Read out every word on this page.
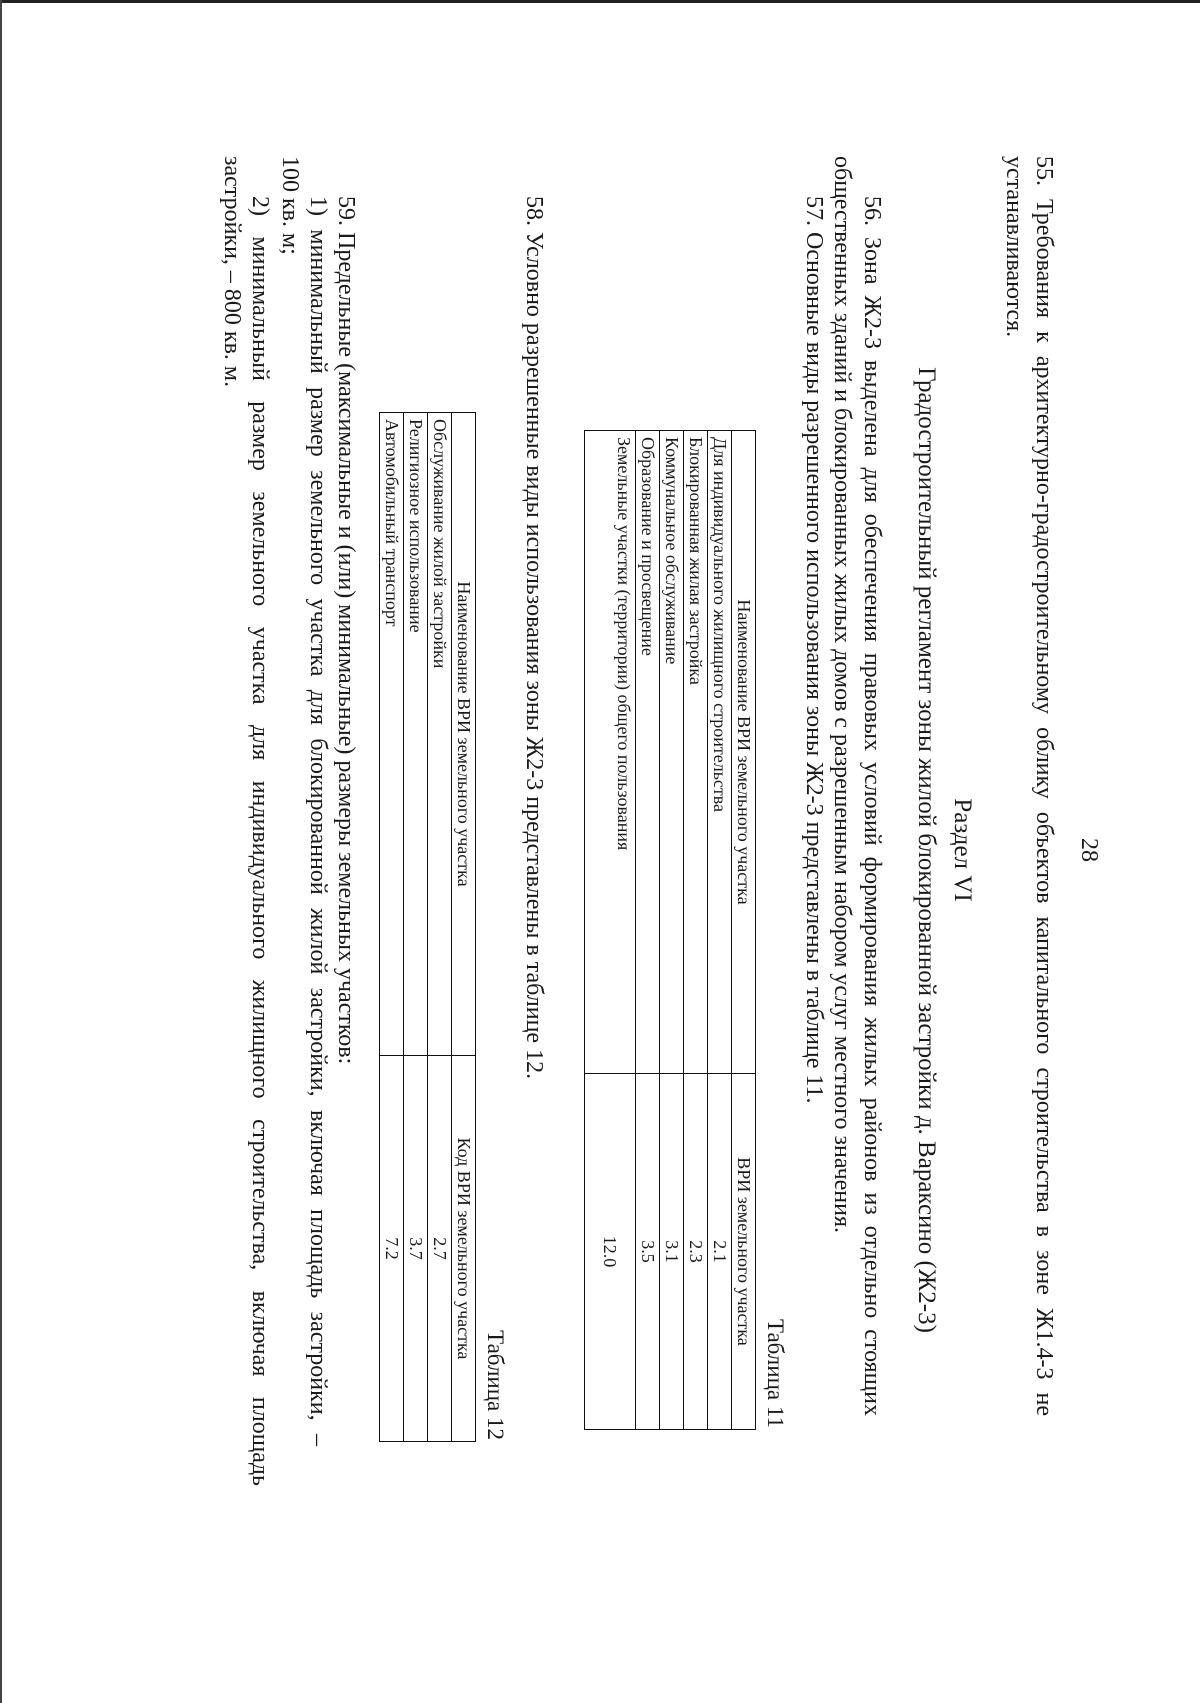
28
55. Требования к архитектурно-градостроительному облику объектов капитального строительства в зоне Ж1.4-3 не
устанавливаются.
Раздел VI
Градостроительный регламент зоны жилой блокированной застройки д. Вараксино (Ж2-3)
56. Зона Ж2-3 выделена для обеспечения правовых условий формирования жилых районов из отдельно стоящих
общественных зданий и блокированных жилых домов с разрешенным набором услуг местного значения.
57. Основные виды разрешенного использования зоны Ж2-3 представлены в таблице 11.
Таблица 11
Наименование ВРИ земельного участка	ВРИ земельного участка
Для индивидуального жилищного строительства	2.1
Блокированная жилая застройка	2.3
Коммунальное обслуживание	3.1
Образование и просвещение	3.5
Земельные участки (территории) общего пользования	12.0
58. Условно разрешенные виды использования зоны Ж2-3 представлены в таблице 12.
Таблица 12
Наименование ВРИ земельного участка	Код ВРИ земельного участка
Обслуживание жилой застройки	2.7
Религиозное использование	3.7
Автомобильный транспорт	7.2
59. Предельные (максимальные и (или) минимальные) размеры земельных участков:
1) минимальный размер земельного участка для блокированной жилой застройки, включая площадь застройки, –
100 кв. м;
2) минимальный размер земельного участка для индивидуального жилищного строительства, включая площадь
застройки, – 800 кв. м.
